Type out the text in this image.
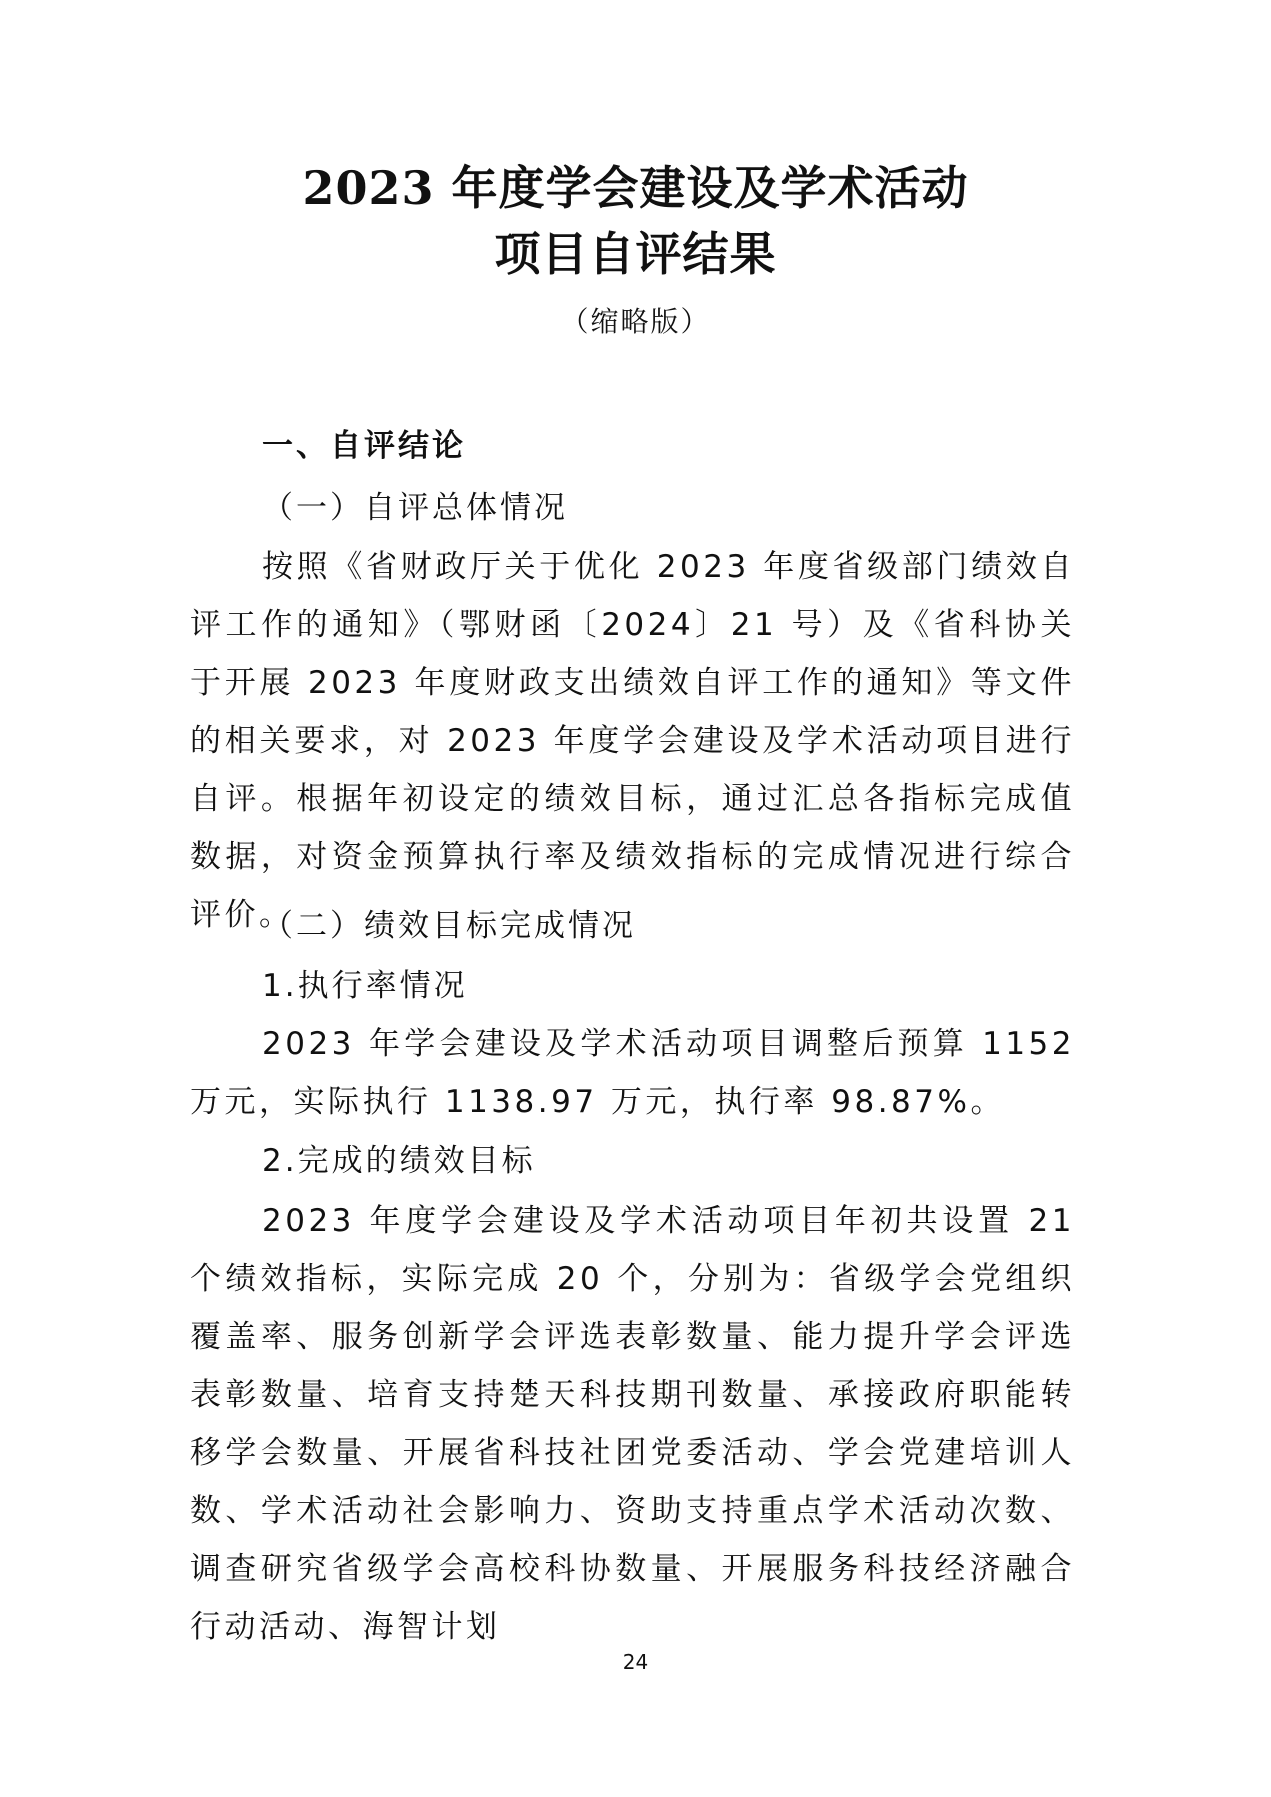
2023 年度学会建设及学术活动
项目自评结果
（缩略版）
一、自评结论
（一）自评总体情况
按照《省财政厅关于优化 2023 年度省级部门绩效自评工作的通知》（鄂财函〔2024〕21 号）及《省科协关于开展 2023 年度财政支出绩效自评工作的通知》等文件的相关要求，对 2023 年度学会建设及学术活动项目进行自评。根据年初设定的绩效目标，通过汇总各指标完成值数据，对资金预算执行率及绩效指标的完成情况进行综合评价。
（二）绩效目标完成情况
1.执行率情况
2023 年学会建设及学术活动项目调整后预算 1152 万元，实际执行 1138.97 万元，执行率 98.87%。
2.完成的绩效目标
2023 年度学会建设及学术活动项目年初共设置 21 个绩效指标，实际完成 20 个，分别为：省级学会党组织覆盖率、服务创新学会评选表彰数量、能力提升学会评选表彰数量、培育支持楚天科技期刊数量、承接政府职能转移学会数量、开展省科技社团党委活动、学会党建培训人数、学术活动社会影响力、资助支持重点学术活动次数、调查研究省级学会高校科协数量、开展服务科技经济融合行动活动、海智计划
24
